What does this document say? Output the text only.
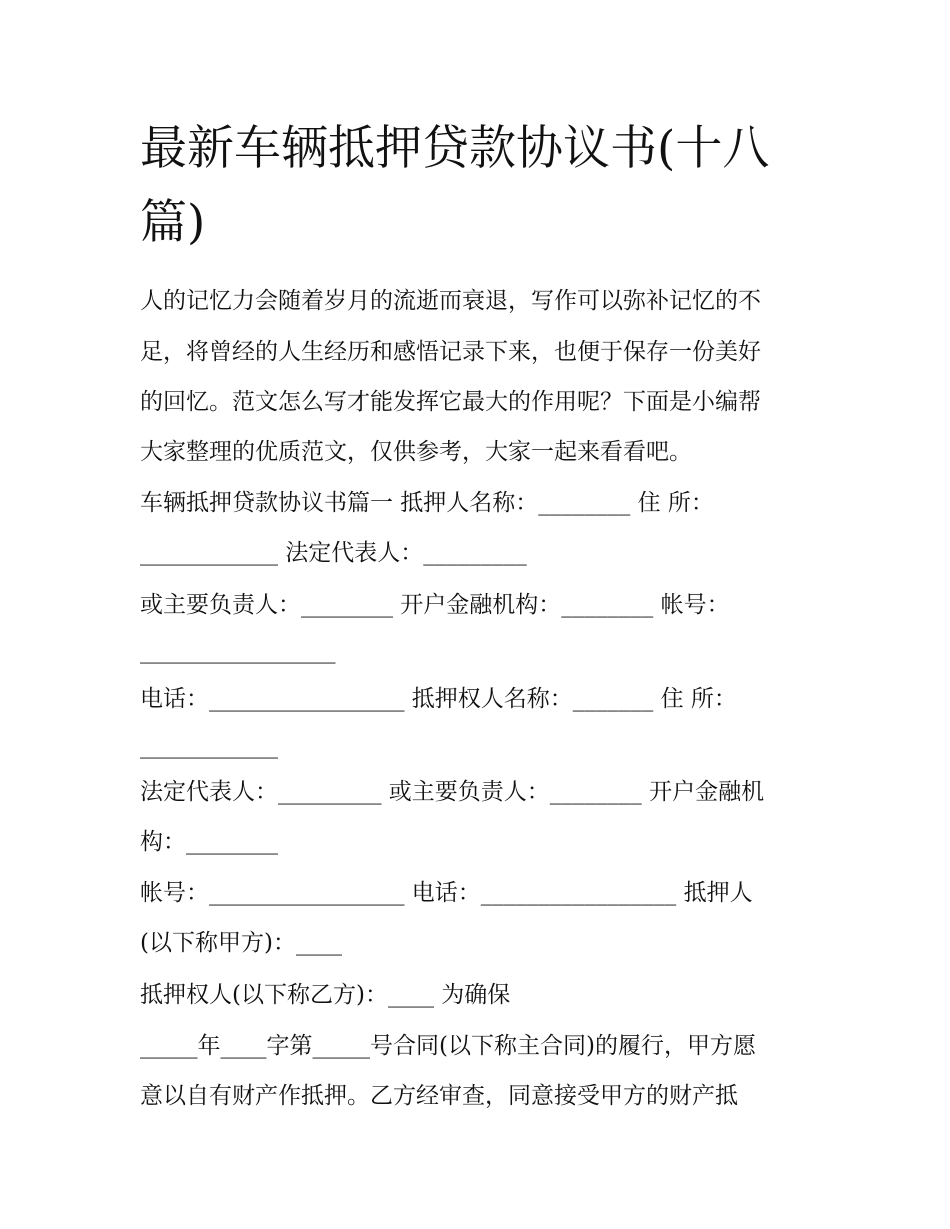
最新车辆抵押贷款协议书(十八篇)

人的记忆力会随着岁月的流逝而衰退，写作可以弥补记忆的不

足，将曾经的人生经历和感悟记录下来，也便于保存一份美好

的回忆。范文怎么写才能发挥它最大的作用呢？下面是小编帮

大家整理的优质范文，仅供参考，大家一起来看看吧。

车辆抵押贷款协议书篇一 抵押人名称：________ 住 所：

____________ 法定代表人：_________

或主要负责人：________ 开户金融机构：________ 帐号：

_________________

电话：_________________ 抵押权人名称：_______ 住 所：

____________

法定代表人：_________ 或主要负责人：________ 开户金融机

构：________

帐号：_________________ 电话：_________________ 抵押人

(以下称甲方)：____

抵押权人(以下称乙方)：____ 为确保

_____年____字第_____号合同(以下称主合同)的履行，甲方愿

意以自有财产作抵押。乙方经审查，同意接受甲方的财产抵
